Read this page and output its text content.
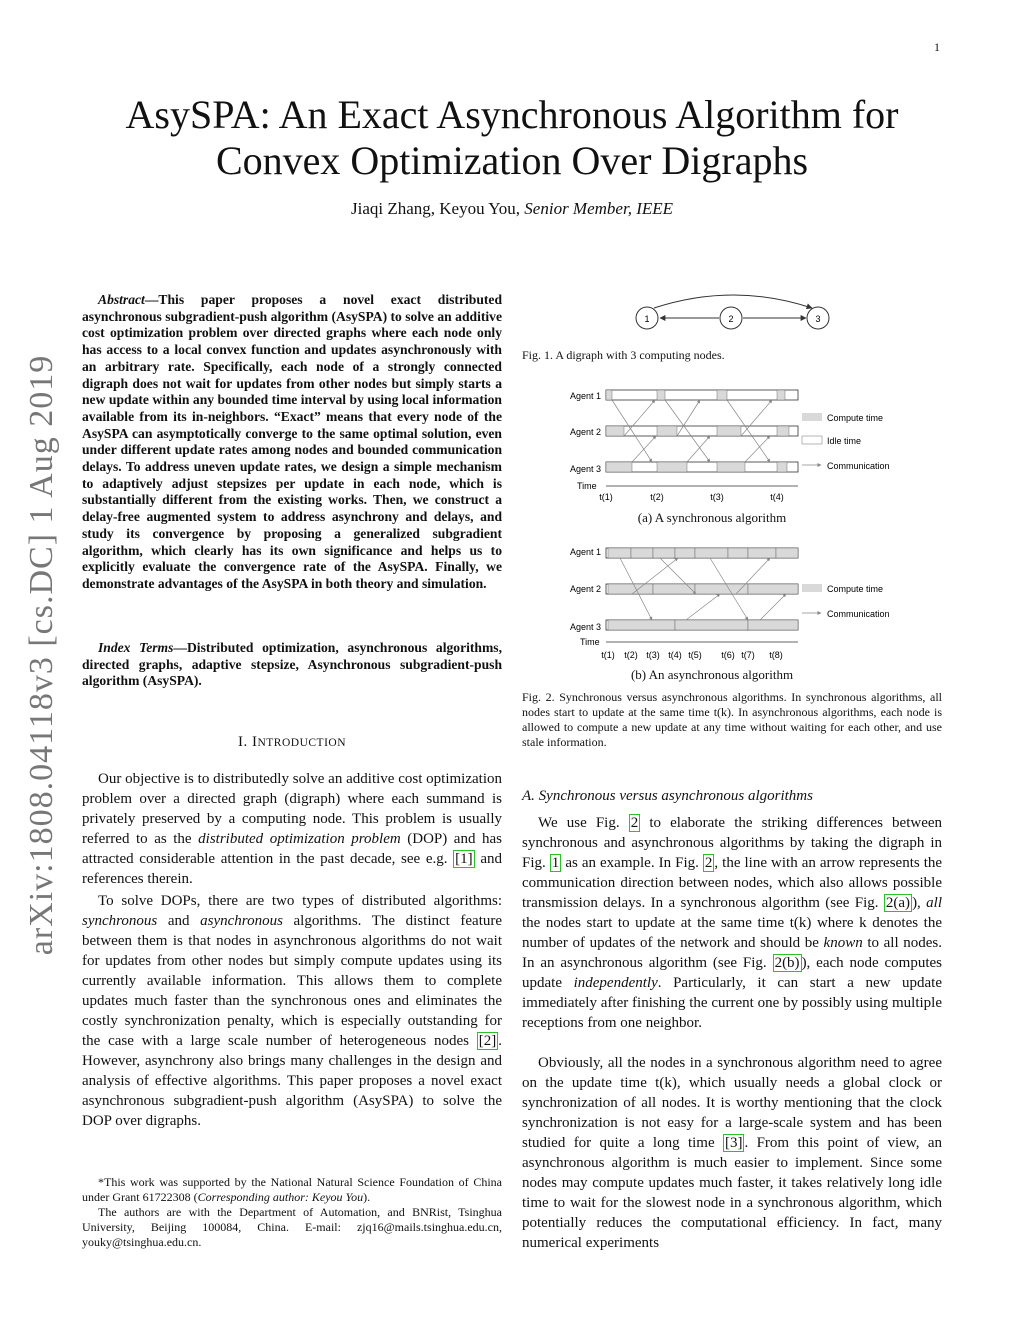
1
arXiv:1808.04118v3 [cs.DC] 1 Aug 2019
AsySPA: An Exact Asynchronous Algorithm for
Convex Optimization Over Digraphs
Jiaqi Zhang, Keyou You, Senior Member, IEEE

Abstract—This paper proposes a novel exact distributed asynchronous subgradient-push algorithm (AsySPA) to solve an additive cost optimization problem over directed graphs where each node only has access to a local convex function and updates asynchronously with an arbitrary rate. Specifically, each node of a strongly connected digraph does not wait for updates from other nodes but simply starts a new update within any bounded time interval by using local information available from its in-neighbors. “Exact” means that every node of the AsySPA can asymptotically converge to the same optimal solution, even under different update rates among nodes and bounded communication delays. To address uneven update rates, we design a simple mechanism to adaptively adjust stepsizes per update in each node, which is substantially different from the existing works. Then, we construct a delay-free augmented system to address asynchrony and delays, and study its convergence by proposing a generalized subgradient algorithm, which clearly has its own significance and helps us to explicitly evaluate the convergence rate of the AsySPA. Finally, we demonstrate advantages of the AsySPA in both theory and simulation.

Index Terms—Distributed optimization, asynchronous algorithms, directed graphs, adaptive stepsize, Asynchronous subgradient-push algorithm (AsySPA).

I. INTRODUCTION

Our objective is to distributedly solve an additive cost optimization problem over a directed graph (digraph) where each summand is privately preserved by a computing node. This problem is usually referred to as the distributed optimization problem (DOP) and has attracted considerable attention in the past decade, see e.g. [1] and references therein.

To solve DOPs, there are two types of distributed algorithms: synchronous and asynchronous algorithms. The distinct feature between them is that nodes in asynchronous algorithms do not wait for updates from other nodes but simply compute updates using its currently available information. This allows them to complete updates much faster than the synchronous ones and eliminates the costly synchronization penalty, which is especially outstanding for the case with a large scale number of heterogeneous nodes [2] . However, asynchrony also brings many challenges in the design and analysis of effective algorithms. This paper proposes a novel exact asynchronous subgradient-push algorithm (AsySPA) to solve the DOP over digraphs.

*This work was supported by the National Natural Science Foundation of China under Grant 61722308 (Corresponding author: Keyou You).

The authors are with the Department of Automation, and BNRist, Tsinghua University, Beijing 100084, China. E-mail: zjq16@mails.tsinghua.edu.cn, youky@tsinghua.edu.cn.

1	2	3
Fig. 1. A digraph with 3 computing nodes.
Agent 1
Agent 2
Agent 3
Time
t(1)	t(2)	t(3)	t(4)
Compute time
Idle time
Communication
(a) A synchronous algorithm
Agent 1
Agent 2
Agent 3
Time
t(1) t(2) t(3) t(4) t(5) t(6) t(7) t(8)
Compute time
Communication
(b) An asynchronous algorithm
Fig. 2. Synchronous versus asynchronous algorithms. In synchronous algorithms, all nodes start to update at the same time t(k). In asynchronous algorithms, each node is allowed to compute a new update at any time without waiting for each other, and use stale information.
A. Synchronous versus asynchronous algorithms

We use Fig. 2 to elaborate the striking differences between synchronous and asynchronous algorithms by taking the digraph in Fig. 1 as an example. In Fig. 2 , the line with an arrow represents the communication direction between nodes, which also allows possible transmission delays. In a synchronous algorithm (see Fig. 2(a) ), all the nodes start to update at the same time t(k) where k denotes the number of updates of the network and should be known to all nodes. In an asynchronous algorithm (see Fig. 2(b) ), each node computes update independently. Particularly, it can start a new update immediately after finishing the current one by possibly using multiple receptions from one neighbor.

Obviously, all the nodes in a synchronous algorithm need to agree on the update time t(k), which usually needs a global clock or synchronization of all nodes. It is worthy mentioning that the clock synchronization is not easy for a large-scale system and has been studied for quite a long time [3] . From this point of view, an asynchronous algorithm is much easier to implement. Since some nodes may compute updates much faster, it takes relatively long idle time to wait for the slowest node in a synchronous algorithm, which potentially reduces the computational efficiency. In fact, many numerical experiments
